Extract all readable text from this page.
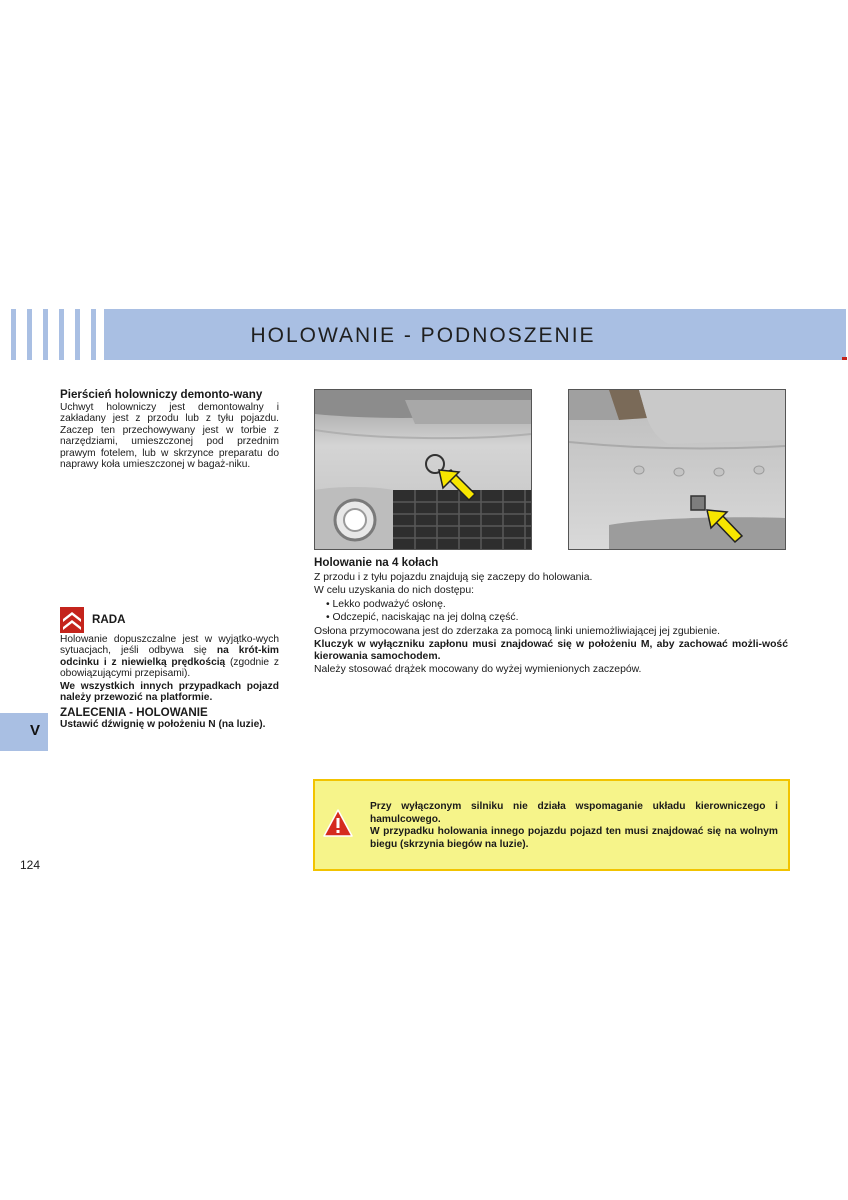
HOLOWANIE - PODNOSZENIE

Pierścień holowniczy demonto-wany

Uchwyt holowniczy jest demontowalny i zakładany jest z przodu lub z tyłu pojazdu. Zaczep ten przechowywany jest w torbie z narzędziami, umieszczonej pod przednim prawym fotelem, lub w skrzynce preparatu do naprawy koła umieszczonej w bagaż-niku.

RADA

Holowanie dopuszczalne jest w wyjątko-wych sytuacjach, jeśli odbywa się na krót-kim odcinku i z niewielką prędkością (zgodnie z obowiązującymi przepisami).

We wszystkich innych przypadkach pojazd należy przewozić na platformie.

ZALECENIA - HOLOWANIE

Ustawić dźwignię w położeniu N (na luzie).

V
124

Holowanie na 4 kołach

Z przodu i z tyłu pojazdu znajdują się zaczepy do holowania.

W celu uzyskania do nich dostępu:

• Lekko podważyć osłonę.

• Odczepić, naciskając na jej dolną część.

Osłona przymocowana jest do zderzaka za pomocą linki uniemożliwiającej jej zgubienie.

Kluczyk w wyłączniku zapłonu musi znajdować się w położeniu M, aby zachować możli-wość kierowania samochodem.

Należy stosować drążek mocowany do wyżej wymienionych zaczepów.

Przy wyłączonym silniku nie działa wspomaganie układu kierowniczego i hamulcowego.

W przypadku holowania innego pojazdu pojazd ten musi znajdować się na wolnym biegu (skrzynia biegów na luzie).
